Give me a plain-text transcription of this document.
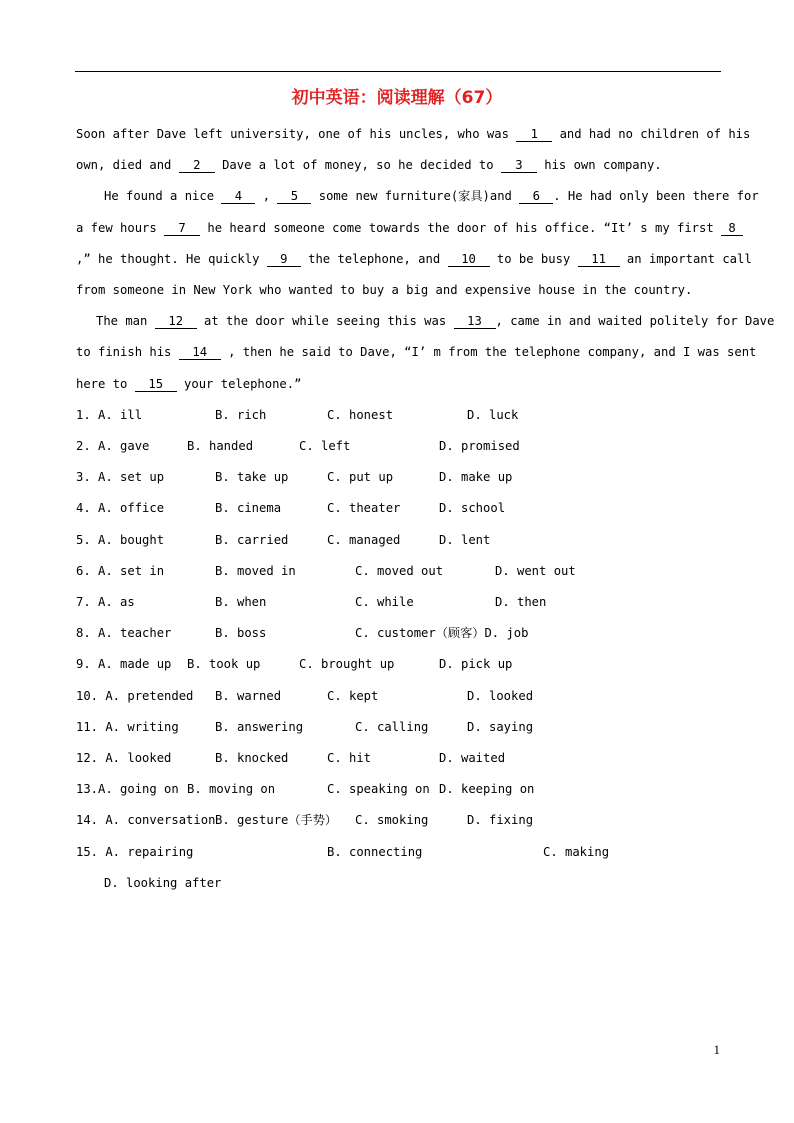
初中英语：阅读理解（67）
Soon after Dave left university, one of his uncles, who was 1 and had no children of his
own, died and 2 Dave a lot of money, so he decided to 3 his own company.
He found a nice 4 , 5 some new furniture(家具)and 6 . He had only been there for
a few hours 7 he heard someone come towards the door of his office. “It’ s my first 8
,” he thought. He quickly 9 the telephone, and 10 to be busy 11 an important call
from someone in New York who wanted to buy a big and expensive house in the country.
The man 12 at the door while seeing this was 13 , came in and waited politely for Dave
to finish his 14 , then he said to Dave, “I’ m from the telephone company, and I was sent
here to 15 your telephone.”
1. A. ill	B. rich	C. honest	D. luck
2. A. gave	B. handed	C. left	D. promised
3. A. set up	B. take up	C. put up	D. make up
4. A. office	B. cinema	C. theater	D. school
5. A. bought	B. carried	C. managed	D. lent
6. A. set in	B. moved in	C. moved out	D. went out
7. A. as	B. when	C. while	D. then
8. A. teacher	B. boss	C. customer（顾客）D. job
9. A. made up B. took up	C. brought up	D. pick up
10. A. pretended B. warned	C. kept	D. looked
11. A. writing	B. answering	C. calling	D. saying
12. A. looked	B. knocked	C. hit	D. waited
13.A. going on B. moving on	C. speaking on D. keeping on
14. A. conversation B. gesture（手势） C. smoking	D. fixing
15. A. repairing	B. connecting	C. making
D. looking after
1
